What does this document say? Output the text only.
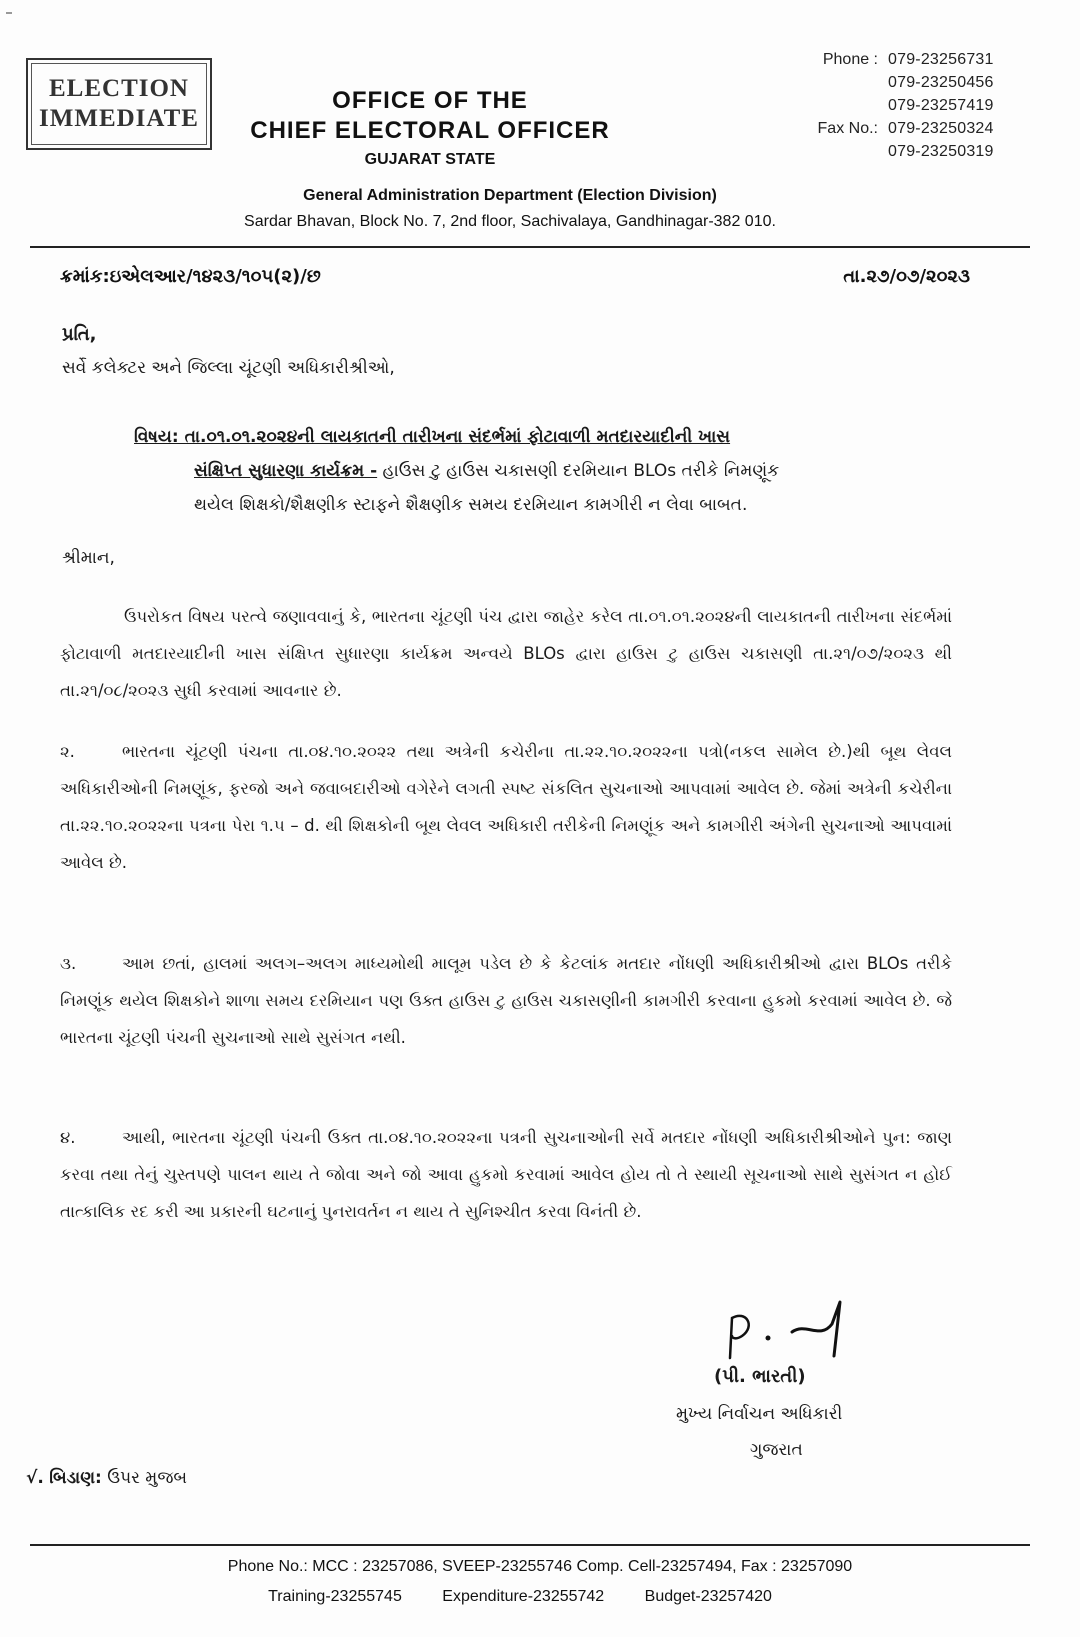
ELECTION
IMMEDIATE
OFFICE OF THE
CHIEF ELECTORAL OFFICER
GUJARAT STATE
Phone : 079-23256731
079-23250456
079-23257419
Fax No.: 079-23250324
079-23250319
General Administration Department (Election Division)
Sardar Bhavan, Block No. 7, 2nd floor, Sachivalaya, Gandhinagar-382 010.
ક્રમાંક:ઇએલઆર/૧૪૨૩/૧૦૫(૨)/છ	તા.૨૭/૦૭/૨૦૨૩
પ્રતિ,
સર્વે કલેક્ટર અને જિલ્લા ચૂંટણી અધિકારીશ્રીઓ,
વિષય: તા.૦૧.૦૧.૨૦૨૪ની લાયકાતની તારીખના સંદર્ભમાં ફોટાવાળી મતદારયાદીની ખાસ
સંક્ષિપ્ત સુધારણા કાર્યક્રમ - હાઉસ ટુ હાઉસ ચકાસણી દરમિયાન BLOs તરીકે નિમણૂંક
થયેલ શિક્ષકો/શૈક્ષણીક સ્ટાફને શૈક્ષણીક સમય દરમિયાન કામગીરી ન લેવા બાબત.
શ્રીમાન,
ઉપરોકત વિષય પરત્વે જણાવવાનું કે, ભારતના ચૂંટણી પંચ દ્વારા જાહેર કરેલ તા.૦૧.૦૧.૨૦૨૪ની લાયકાતની તારીખના સંદર્ભમાં ફોટાવાળી મતદારયાદીની ખાસ સંક્ષિપ્ત સુધારણા કાર્યક્રમ અન્વયે BLOs દ્વારા હાઉસ ટુ હાઉસ ચકાસણી તા.૨૧/૦૭/૨૦૨૩ થી તા.૨૧/૦૮/૨૦૨૩ સુધી કરવામાં આવનાર છે.
૨.	ભારતના ચૂંટણી પંચના તા.૦૪.૧૦.૨૦૨૨ તથા અત્રેની કચેરીના તા.૨૨.૧૦.૨૦૨૨ના પત્રો(નકલ સામેલ છે.)થી બૂથ લેવલ અધિકારીઓની નિમણૂંક, ફરજો અને જવાબદારીઓ વગેરેને લગતી સ્પષ્ટ સંકલિત સુચનાઓ આપવામાં આવેલ છે. જેમાં અત્રેની કચેરીના તા.૨૨.૧૦.૨૦૨૨ના પત્રના પેરા ૧.૫ – d. થી શિક્ષકોની બૂથ લેવલ અધિકારી તરીકેની નિમણૂંક અને કામગીરી અંગેની સુચનાઓ આપવામાં આવેલ છે.
૩.	આમ છતાં, હાલમાં અલગ–અલગ માધ્યમોથી માલૂમ પડેલ છે કે કેટલાંક મતદાર નોંધણી અધિકારીશ્રીઓ દ્વારા BLOs તરીકે નિમણૂંક થયેલ શિક્ષકોને શાળા સમય દરમિયાન પણ ઉક્ત હાઉસ ટુ હાઉસ ચકાસણીની કામગીરી કરવાના હુકમો કરવામાં આવેલ છે. જે ભારતના ચૂંટણી પંચની સુચનાઓ સાથે સુસંગત નથી.
૪.	આથી, ભારતના ચૂંટણી પંચની ઉક્ત તા.૦૪.૧૦.૨૦૨૨ના પત્રની સુચનાઓની સર્વે મતદાર નોંધણી અધિકારીશ્રીઓને પુન: જાણ કરવા તથા તેનું ચુસ્તપણે પાલન થાય તે જોવા અને જો આવા હુકમો કરવામાં આવેલ હોય તો તે સ્થાયી સૂચનાઓ સાથે સુસંગત ન હોઈ તાત્કાલિક રદ કરી આ પ્રકારની ઘટનાનું પુનરાવર્તન ન થાય તે સુનિશ્ચીત કરવા વિનંતી છે.
(પી. ભારતી)
મુખ્ય નિર્વાચન અધિકારી
ગુજરાત
√. બિડાણ: ઉપર મુજબ
Phone No.: MCC : 23257086, SVEEP-23255746 Comp. Cell-23257494, Fax : 23257090
Training-23255745	Expenditure-23255742	Budget-23257420
